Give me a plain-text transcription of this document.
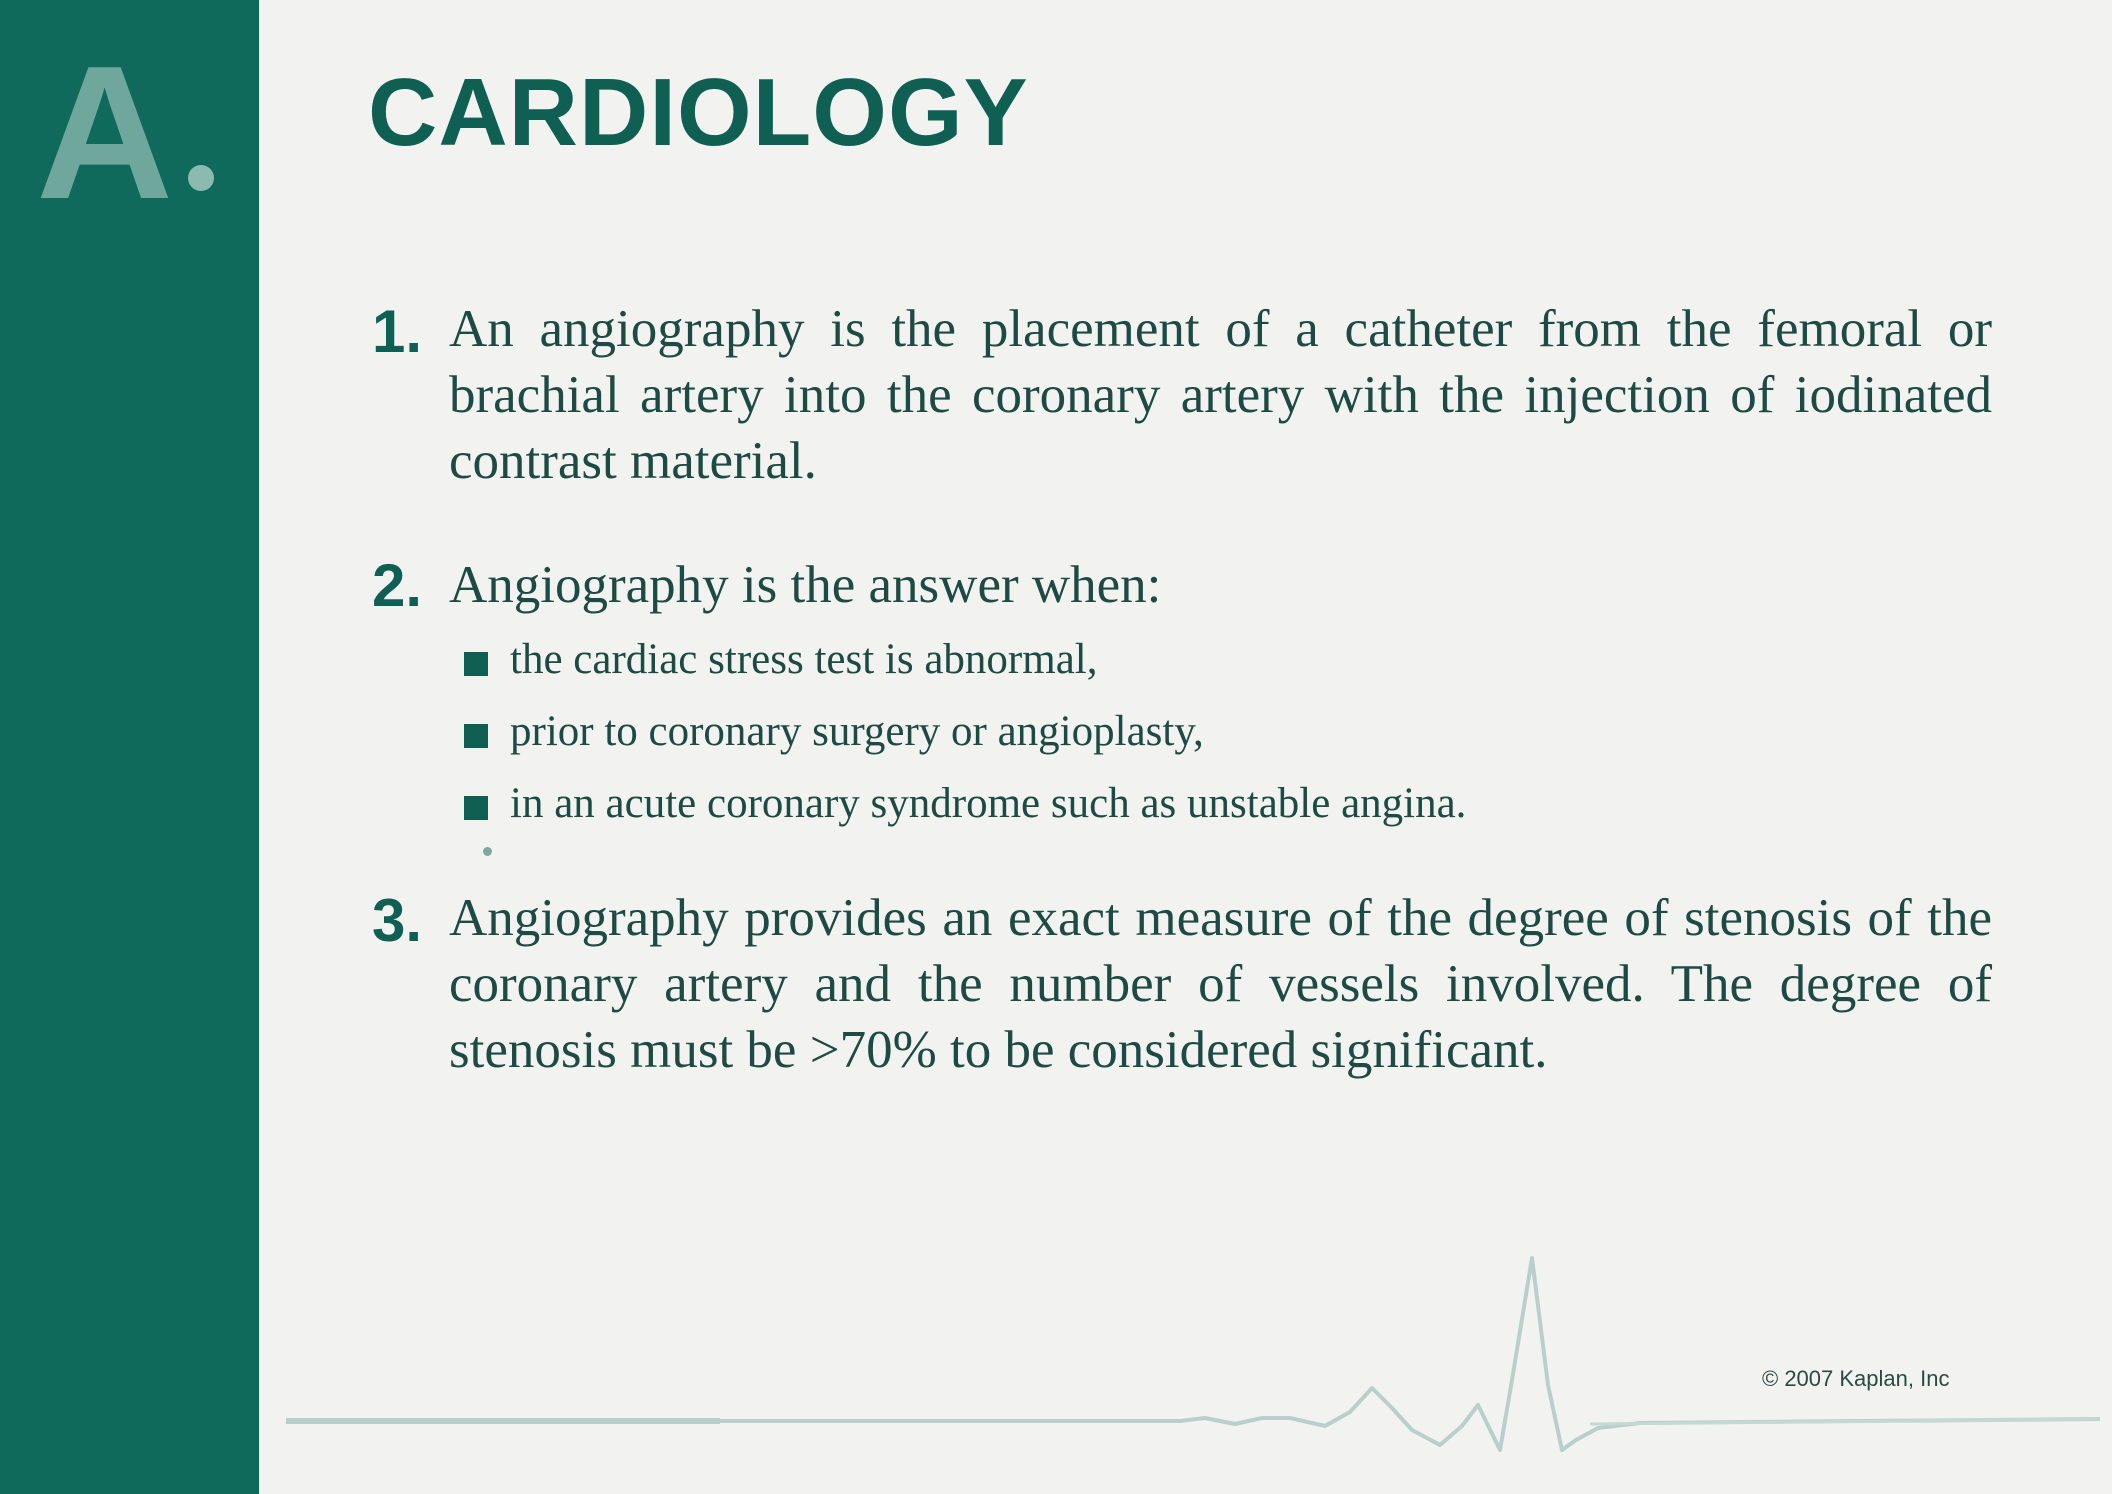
A CARDIOLOGY
1. An angiography is the placement of a catheter from the femoral or brachial artery into the coronary artery with the injection of iodinated contrast material.

2. Angiography is the answer when:

the cardiac stress test is abnormal,
prior to coronary surgery or angioplasty,
in an acute coronary syndrome such as unstable angina.
3. Angiography provides an exact measure of the degree of stenosis of the coronary artery and the number of vessels involved. The degree of stenosis must be >70% to be considered significant.

© 2007 Kaplan, Inc
